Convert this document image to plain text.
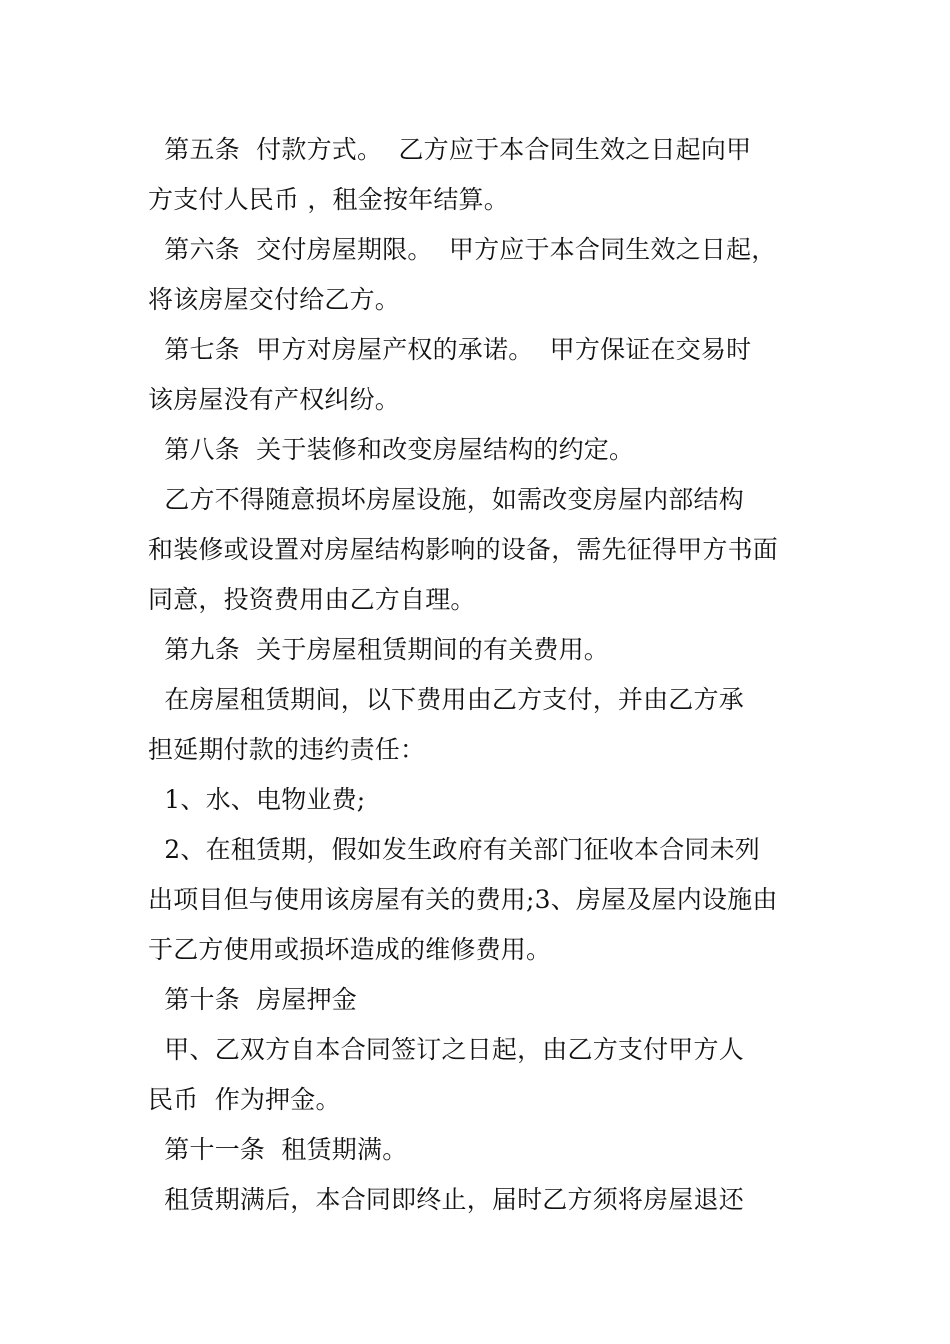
第五条  付款方式。  乙方应于本合同生效之日起向甲
方支付人民币 ，租金按年结算。
第六条  交付房屋期限。  甲方应于本合同生效之日起，
将该房屋交付给乙方。
第七条  甲方对房屋产权的承诺。  甲方保证在交易时
该房屋没有产权纠纷。
第八条  关于装修和改变房屋结构的约定。
乙方不得随意损坏房屋设施，如需改变房屋内部结构
和装修或设置对房屋结构影响的设备，需先征得甲方书面
同意，投资费用由乙方自理。
第九条  关于房屋租赁期间的有关费用。
在房屋租赁期间，以下费用由乙方支付，并由乙方承
担延期付款的违约责任：
1、水、电物业费;
2、在租赁期，假如发生政府有关部门征收本合同未列
出项目但与使用该房屋有关的费用;3、房屋及屋内设施由
于乙方使用或损坏造成的维修费用。
第十条  房屋押金
甲、乙双方自本合同签订之日起，由乙方支付甲方人
民币  作为押金。
第十一条  租赁期满。
租赁期满后，本合同即终止，届时乙方须将房屋退还
